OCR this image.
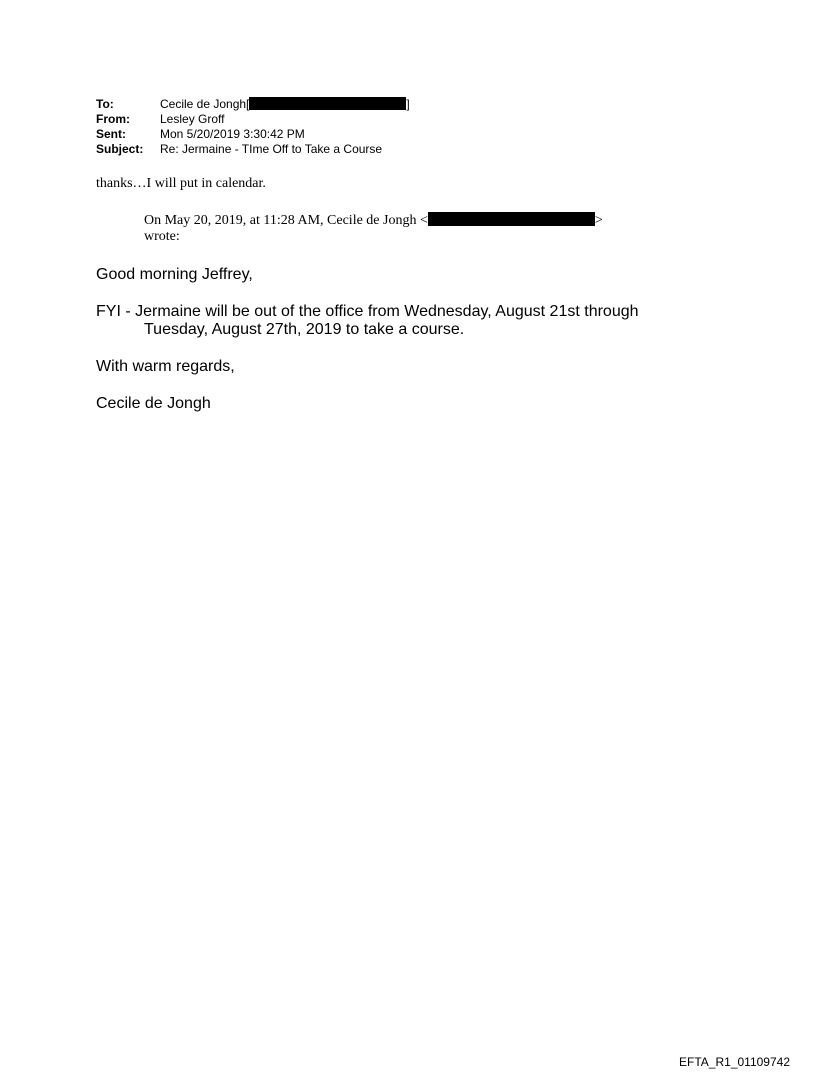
To:	Cecile de Jongh[	]
From:	Lesley Groff
Sent:	Mon 5/20/2019 3:30:42 PM
Subject:	Re: Jermaine - TIme Off to Take a Course
thanks…I will put in calendar.
On May 20, 2019, at 11:28 AM, Cecile de Jongh <	>
wrote:
Good morning Jeffrey,
FYI - Jermaine will be out of the office from Wednesday, August 21st through
Tuesday, August 27th, 2019 to take a course.
With warm regards,
Cecile de Jongh
EFTA_R1_01109742
